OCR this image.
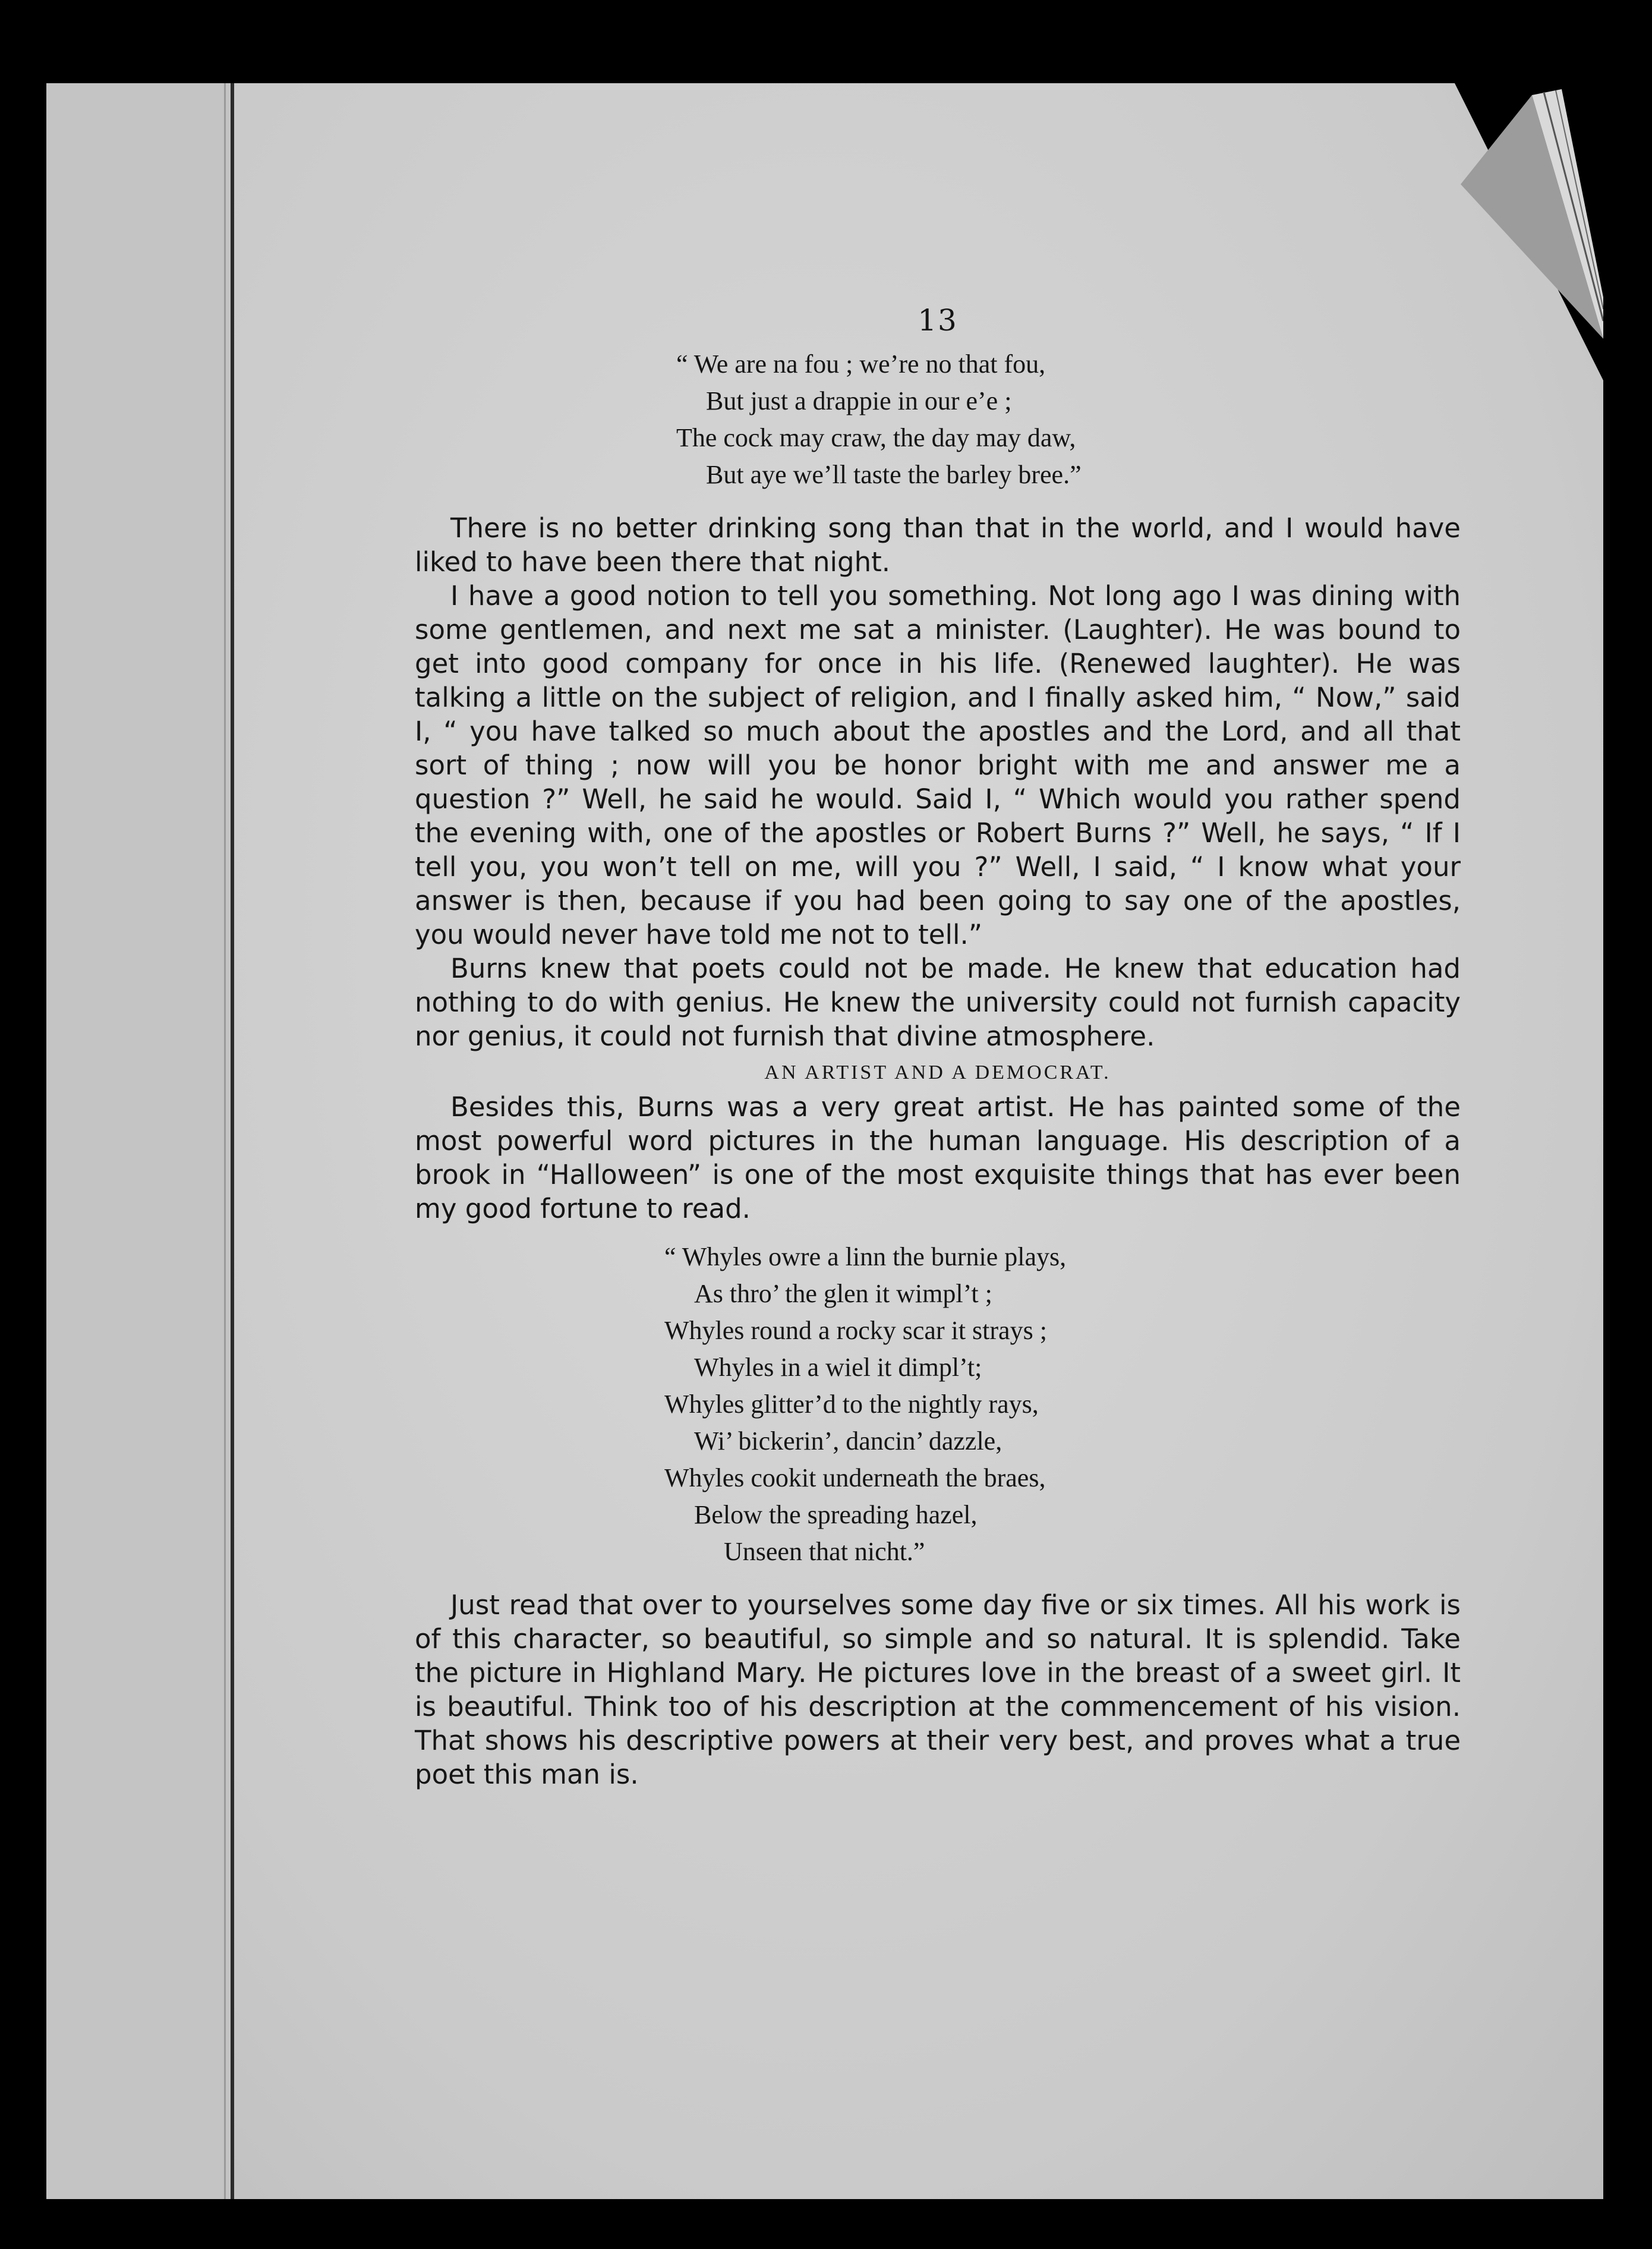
13
“ We are na fou ; we’re no that fou,
But just a drappie in our e’e ;
The cock may craw, the day may daw,
But aye we’ll taste the barley bree.”

There is no better drinking song than that in the world, and I would have liked to have been there that night.

I have a good notion to tell you something. Not long ago I was dining with some gentlemen, and next me sat a minister. (Laughter). He was bound to get into good company for once in his life. (Renewed laughter). He was talking a little on the subject of religion, and I finally asked him, “ Now,” said I, “ you have talked so much about the apostles and the Lord, and all that sort of thing ; now will you be honor bright with me and answer me a question ?” Well, he said he would. Said I, “ Which would you rather spend the evening with, one of the apostles or Robert Burns ?” Well, he says, “ If I tell you, you won’t tell on me, will you ?” Well, I said, “ I know what your answer is then, because if you had been going to say one of the apostles, you would never have told me not to tell.”

Burns knew that poets could not be made. He knew that education had nothing to do with genius. He knew the university could not furnish capacity nor genius, it could not furnish that divine atmosphere.

AN ARTIST AND A DEMOCRAT.

Besides this, Burns was a very great artist. He has painted some of the most powerful word pictures in the human language. His description of a brook in “Halloween” is one of the most exquisite things that has ever been my good fortune to read.

“ Whyles owre a linn the burnie plays,
As thro’ the glen it wimpl’t ;
Whyles round a rocky scar it strays ;
Whyles in a wiel it dimpl’t;
Whyles glitter’d to the nightly rays,
Wi’ bickerin’, dancin’ dazzle,
Whyles cookit underneath the braes,
Below the spreading hazel,
Unseen that nicht.”

Just read that over to yourselves some day five or six times. All his work is of this character, so beautiful, so simple and so natural. It is splendid. Take the picture in Highland Mary. He pictures love in the breast of a sweet girl. It is beautiful. Think too of his description at the commencement of his vision. That shows his descriptive powers at their very best, and proves what a true poet this man is.
